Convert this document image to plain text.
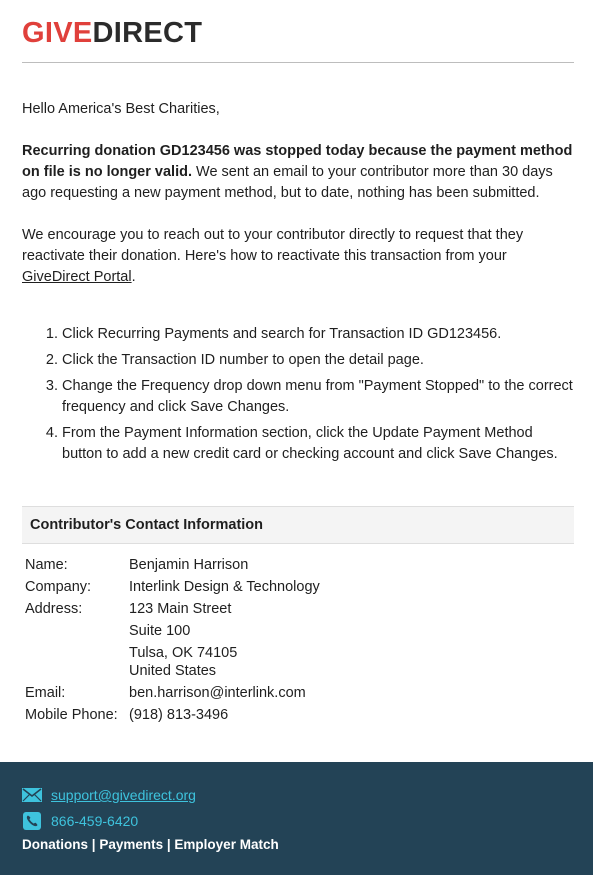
GIVEDIRECT

Hello America's Best Charities,

Recurring donation GD123456 was stopped today because the payment method on file is no longer valid. We sent an email to your contributor more than 30 days ago requesting a new payment method, but to date, nothing has been submitted.

We encourage you to reach out to your contributor directly to request that they reactivate their donation. Here's how to reactivate this transaction from your GiveDirect Portal.

1. Click Recurring Payments and search for Transaction ID GD123456.
2. Click the Transaction ID number to open the detail page.
3. Change the Frequency drop down menu from "Payment Stopped" to the correct frequency and click Save Changes.
4. From the Payment Information section, click the Update Payment Method button to add a new credit card or checking account and click Save Changes.
Contributor's Contact Information
Name:	Benjamin Harrison
Company:	Interlink Design & Technology
Address:	123 Main Street
Suite 100
Tulsa, OK 74105
United States

Email:	ben.harrison@interlink.com
Mobile Phone:	(918) 813-3496
support@givedirect.org
866-459-6420
Donations | Payments | Employer Match
